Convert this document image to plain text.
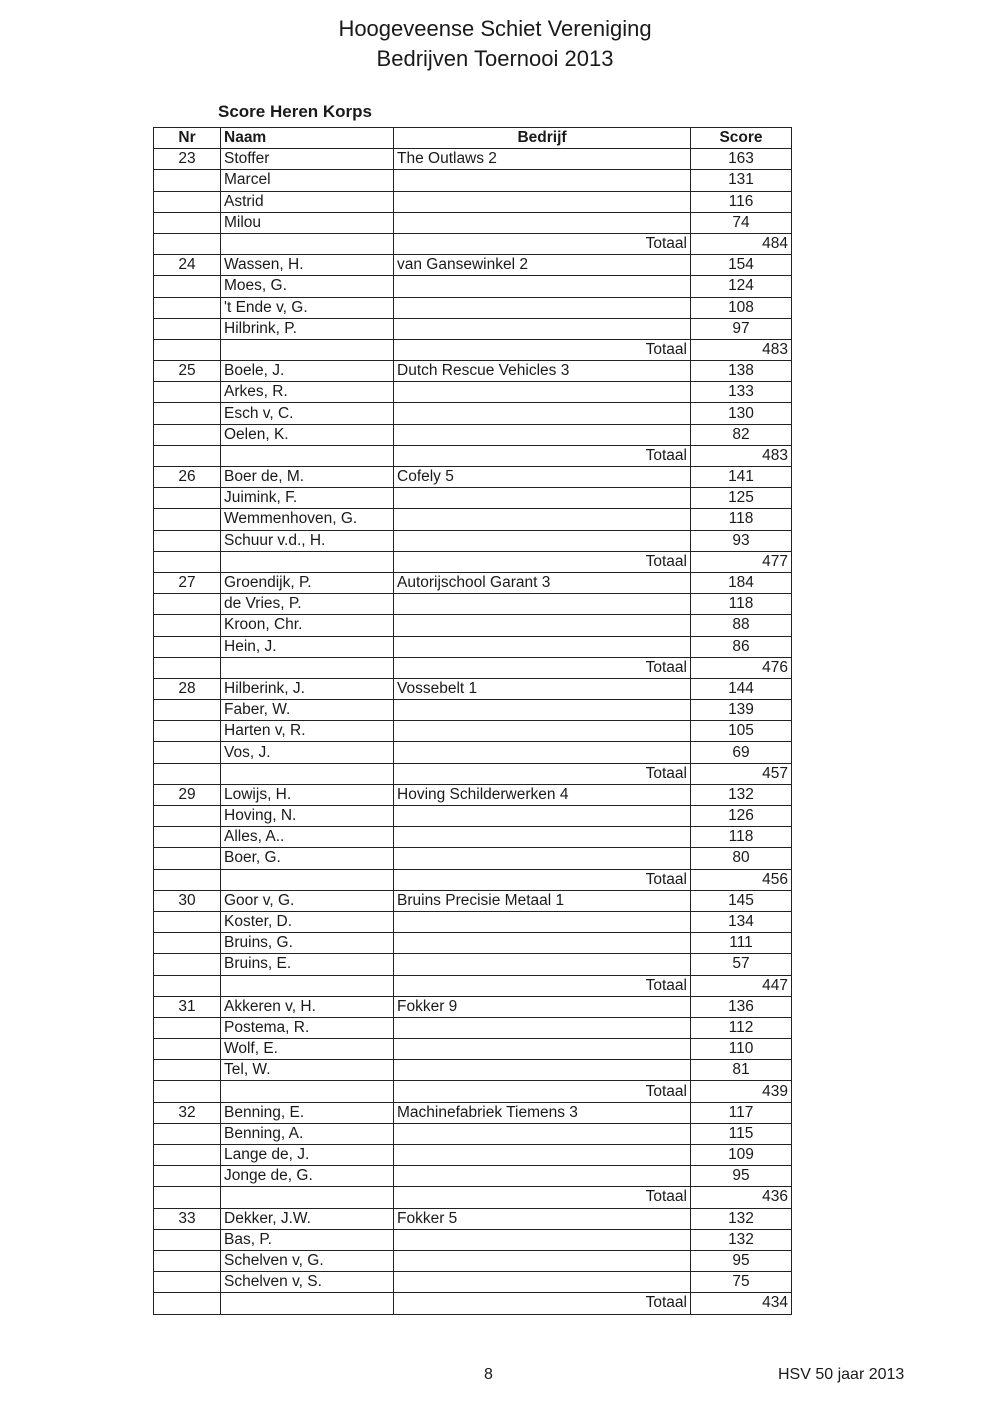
Hoogeveense Schiet Vereniging
Bedrijven Toernooi 2013
Score Heren Korps
Nr	Naam	Bedrijf	Score
23	Stoffer	The Outlaws 2	163
	Marcel		131
	Astrid		116
	Milou		74
		Totaal	484
24	Wassen, H.	van Gansewinkel 2	154
	Moes, G.		124
	't Ende v, G.		108
	Hilbrink, P.		97
		Totaal	483
25	Boele, J.	Dutch Rescue Vehicles 3	138
	Arkes, R.		133
	Esch v, C.		130
	Oelen, K.		82
		Totaal	483
26	Boer de, M.	Cofely 5	141
	Juimink, F.		125
	Wemmenhoven, G.		118
	Schuur v.d., H.		93
		Totaal	477
27	Groendijk, P.	Autorijschool Garant 3	184
	de Vries, P.		118
	Kroon, Chr.		88
	Hein, J.		86
		Totaal	476
28	Hilberink, J.	Vossebelt 1	144
	Faber, W.		139
	Harten v, R.		105
	Vos, J.		69
		Totaal	457
29	Lowijs, H.	Hoving Schilderwerken 4	132
	Hoving, N.		126
	Alles, A..		118
	Boer, G.		80
		Totaal	456
30	Goor v, G.	Bruins Precisie Metaal 1	145
	Koster, D.		134
	Bruins, G.		111
	Bruins, E.		57
		Totaal	447
31	Akkeren v, H.	Fokker 9	136
	Postema, R.		112
	Wolf, E.		110
	Tel, W.		81
		Totaal	439
32	Benning, E.	Machinefabriek Tiemens 3	117
	Benning, A.		115
	Lange de, J.		109
	Jonge de, G.		95
		Totaal	436
33	Dekker, J.W.	Fokker 5	132
	Bas, P.		132
	Schelven v, G.		95
	Schelven v, S.		75
		Totaal	434
8	HSV 50 jaar 2013
